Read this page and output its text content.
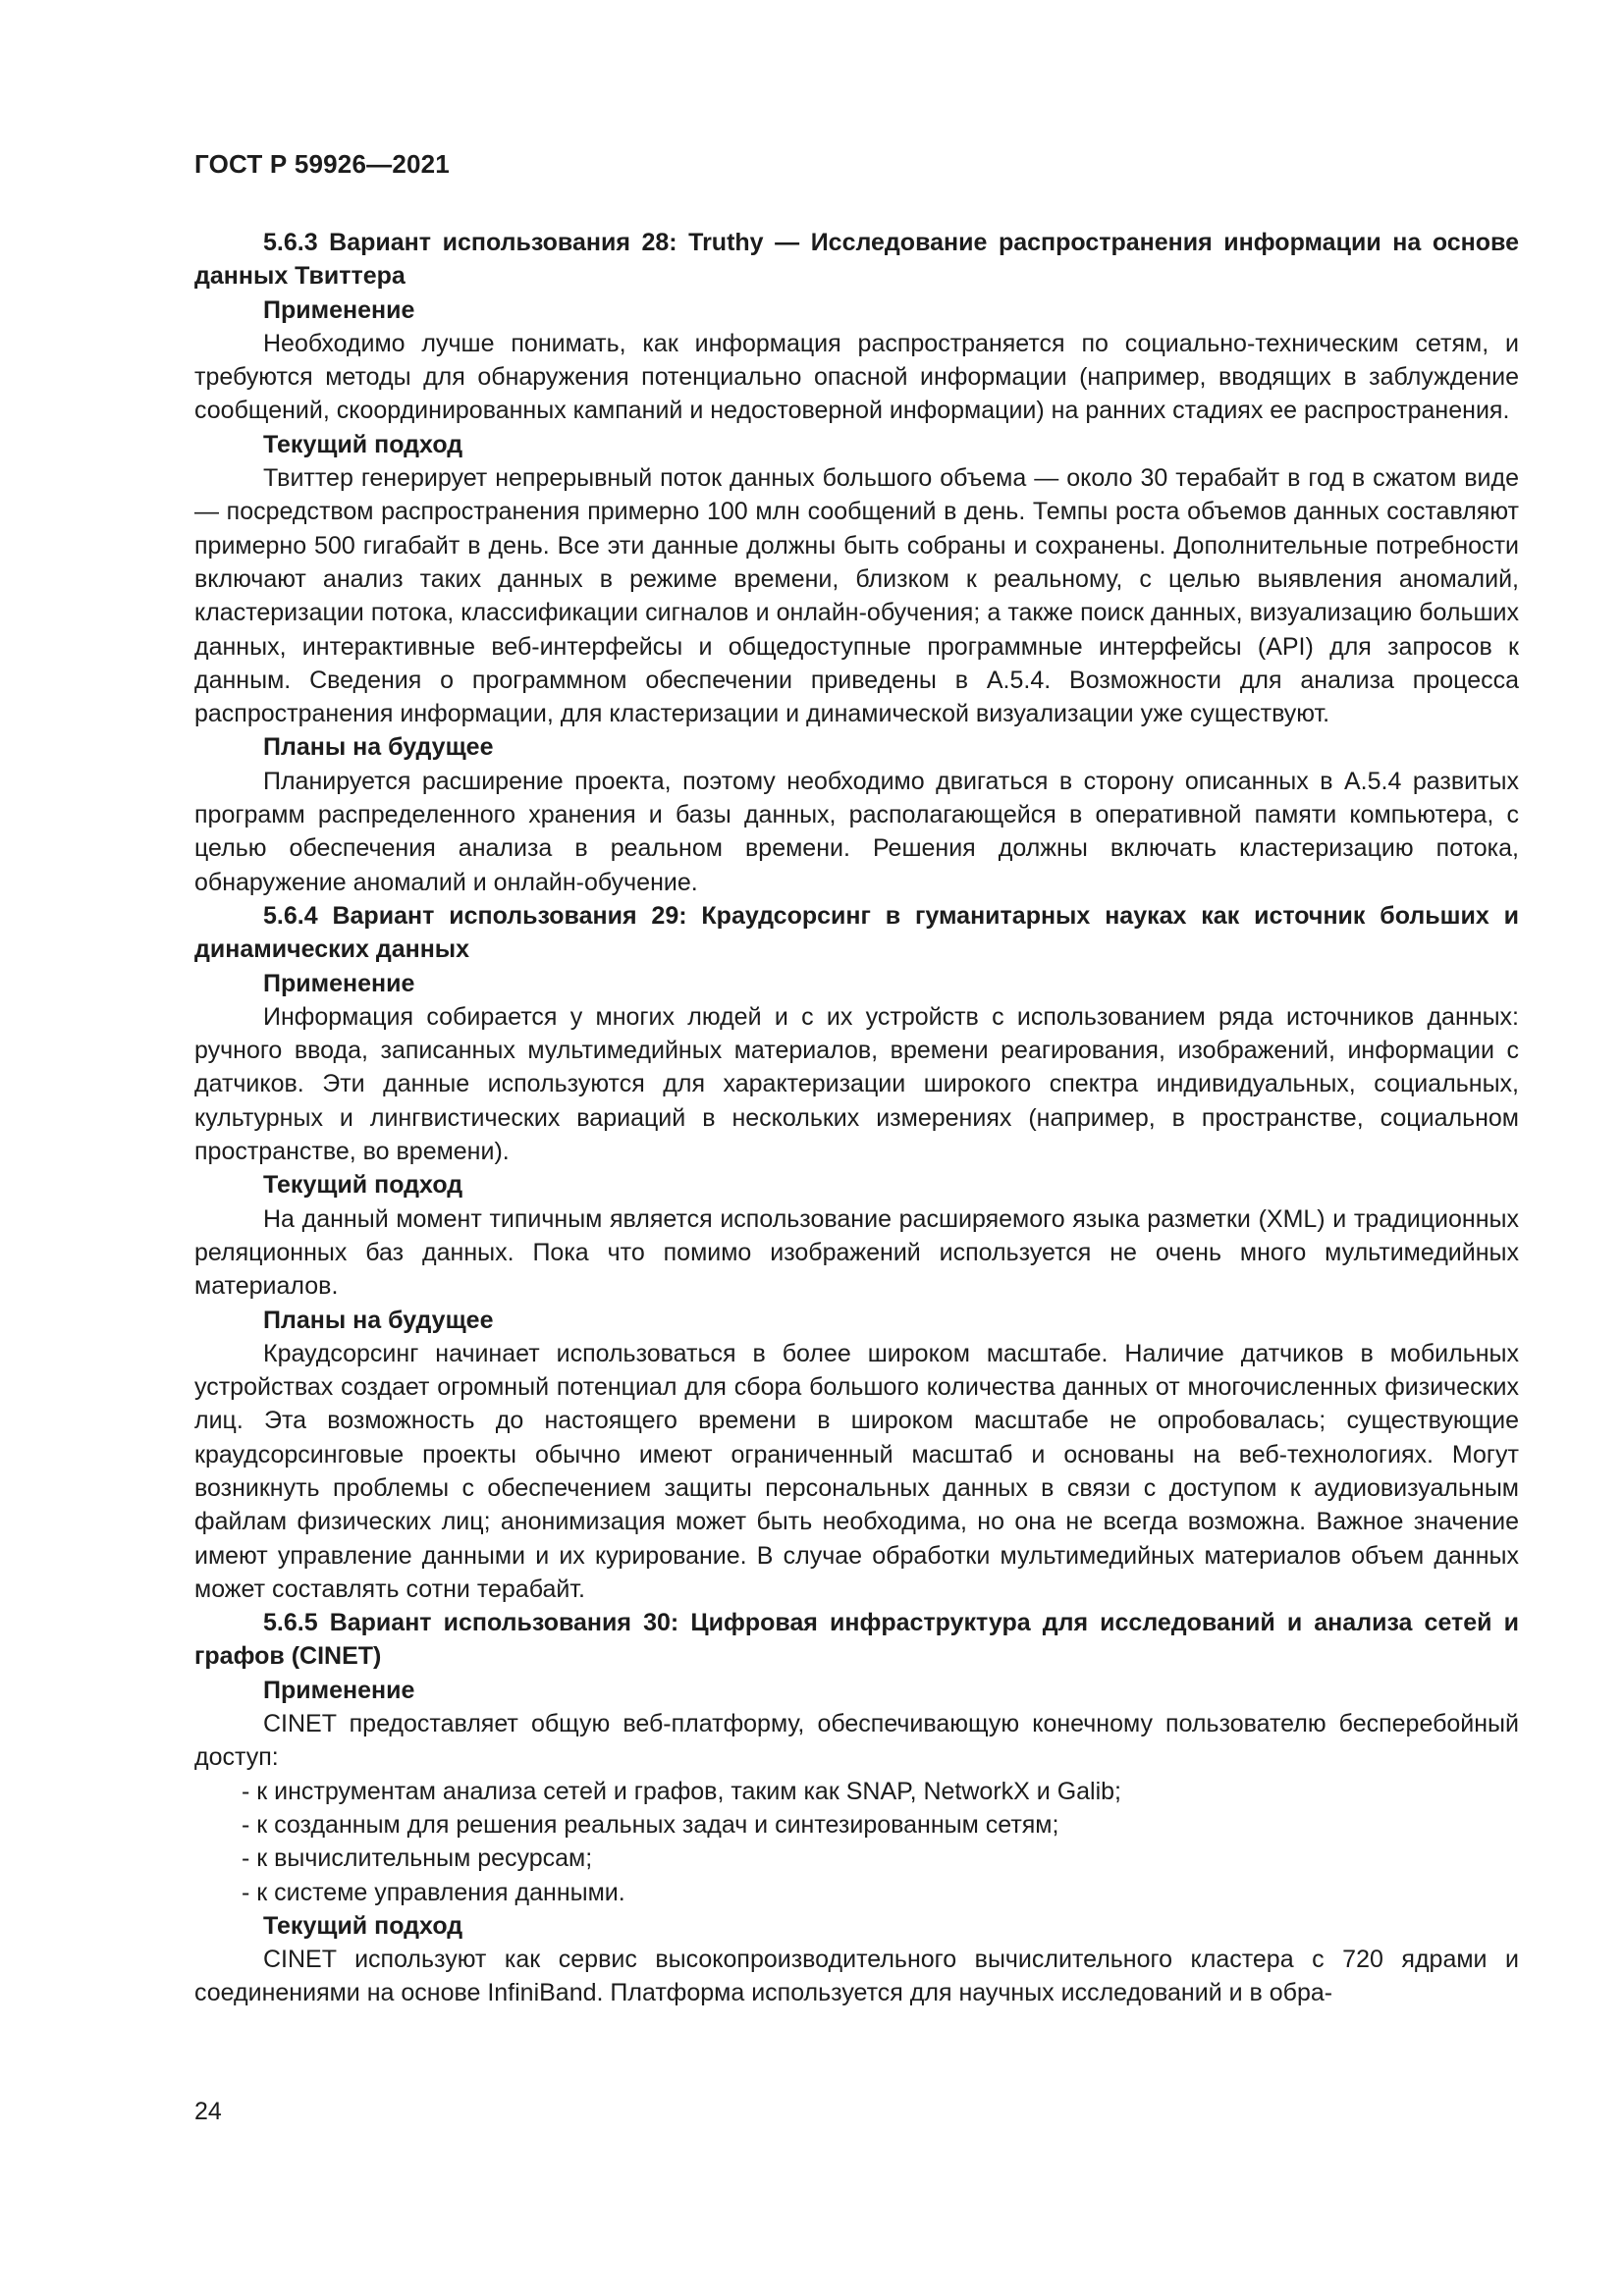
ГОСТ Р 59926—2021

5.6.3 Вариант использования 28: Truthy — Исследование распространения информации на основе данных Твиттера

Применение

Необходимо лучше понимать, как информация распространяется по социально-техническим сетям, и требуются методы для обнаружения потенциально опасной информации (например, вводящих в заблуждение сообщений, скоординированных кампаний и недостоверной информации) на ранних стадиях ее распространения.

Текущий подход

Твиттер генерирует непрерывный поток данных большого объема — около 30 терабайт в год в сжатом виде — посредством распространения примерно 100 млн сообщений в день. Темпы роста объемов данных составляют примерно 500 гигабайт в день. Все эти данные должны быть собраны и сохранены. Дополнительные потребности включают анализ таких данных в режиме времени, близком к реальному, с целью выявления аномалий, кластеризации потока, классификации сигналов и онлайн-обучения; а также поиск данных, визуализацию больших данных, интерактивные веб-интерфейсы и общедоступные программные интерфейсы (API) для запросов к данным. Сведения о программном обеспечении приведены в А.5.4. Возможности для анализа процесса распространения информации, для кластеризации и динамической визуализации уже существуют.

Планы на будущее

Планируется расширение проекта, поэтому необходимо двигаться в сторону описанных в А.5.4 развитых программ распределенного хранения и базы данных, располагающейся в оперативной памяти компьютера, с целью обеспечения анализа в реальном времени. Решения должны включать кластеризацию потока, обнаружение аномалий и онлайн-обучение.

5.6.4 Вариант использования 29: Краудсорсинг в гуманитарных науках как источник больших и динамических данных

Применение

Информация собирается у многих людей и с их устройств с использованием ряда источников данных: ручного ввода, записанных мультимедийных материалов, времени реагирования, изображений, информации с датчиков. Эти данные используются для характеризации широкого спектра индивидуальных, социальных, культурных и лингвистических вариаций в нескольких измерениях (например, в пространстве, социальном пространстве, во времени).

Текущий подход

На данный момент типичным является использование расширяемого языка разметки (XML) и традиционных реляционных баз данных. Пока что помимо изображений используется не очень много мультимедийных материалов.

Планы на будущее

Краудсорсинг начинает использоваться в более широком масштабе. Наличие датчиков в мобильных устройствах создает огромный потенциал для сбора большого количества данных от многочисленных физических лиц. Эта возможность до настоящего времени в широком масштабе не опробовалась; существующие краудсорсинговые проекты обычно имеют ограниченный масштаб и основаны на веб-технологиях. Могут возникнуть проблемы с обеспечением защиты персональных данных в связи с доступом к аудиовизуальным файлам физических лиц; анонимизация может быть необходима, но она не всегда возможна. Важное значение имеют управление данными и их курирование. В случае обработки мультимедийных материалов объем данных может составлять сотни терабайт.

5.6.5 Вариант использования 30: Цифровая инфраструктура для исследований и анализа сетей и графов (CINET)

Применение

CINET предоставляет общую веб-платформу, обеспечивающую конечному пользователю бесперебойный доступ:

- к инструментам анализа сетей и графов, таким как SNAP, NetworkX и Galib;
- к созданным для решения реальных задач и синтезированным сетям;
- к вычислительным ресурсам;
- к системе управления данными.

Текущий подход

CINET используют как сервис высокопроизводительного вычислительного кластера с 720 ядрами и соединениями на основе InfiniBand. Платформа используется для научных исследований и в обра-

24
